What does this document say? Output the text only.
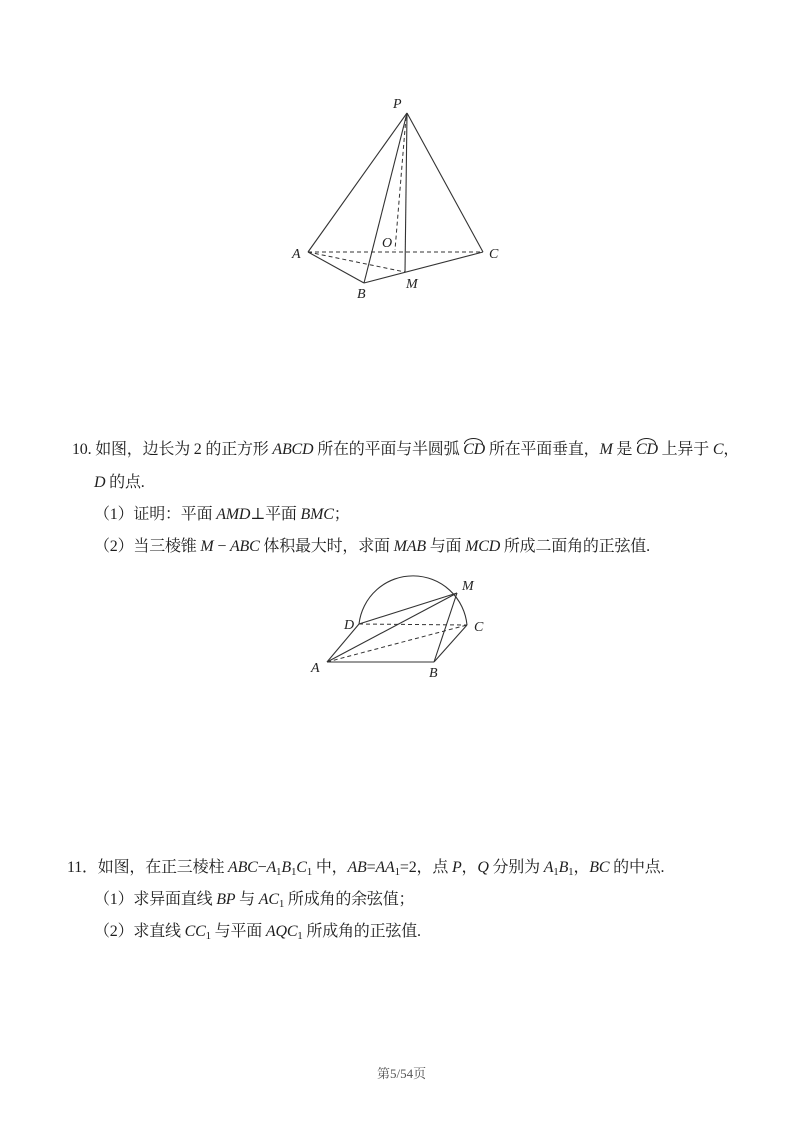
P
A
B
C
M
O
10. 如图，边长为 2 的正方形 ABCD 所在的平面与半圆弧 CD 所在平面垂直，M 是 CD 上异于 C，
D 的点.
（1）证明：平面 AMD⊥平面 BMC；
（2）当三棱锥 M − ABC 体积最大时，求面 MAB 与面 MCD 所成二面角的正弦值.
M
D	C
A	B
11．如图，在正三棱柱 $ABC-A_1B_1C_1$ 中，$AB=AA_1=2$，点 P，Q 分别为 $A_1B_1$，BC 的中点.
（1）求异面直线 BP 与 $AC_1$ 所成角的余弦值；
（2）求直线 $CC_1$ 与平面 $AQC_1$ 所成角的正弦值.
第5/54页
